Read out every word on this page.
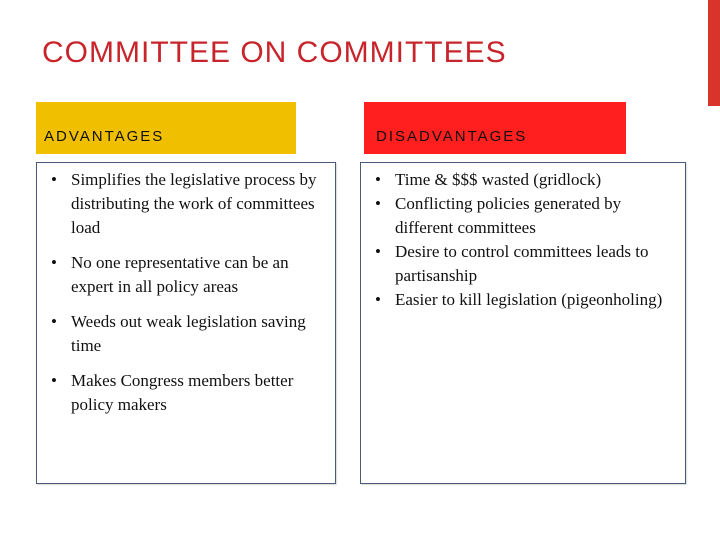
COMMITTEE ON COMMITTEES
ADVANTAGES	DISADVANTAGES
• Simplifies the legislative process by distributing the work of committees load
• No one representative can be an expert in all policy areas
• Weeds out weak legislation saving time
• Makes Congress members better policy makers
• Time & $$$ wasted (gridlock)
• Conflicting policies generated by different committees
• Desire to control committees leads to partisanship
• Easier to kill legislation (pigeonholing)
